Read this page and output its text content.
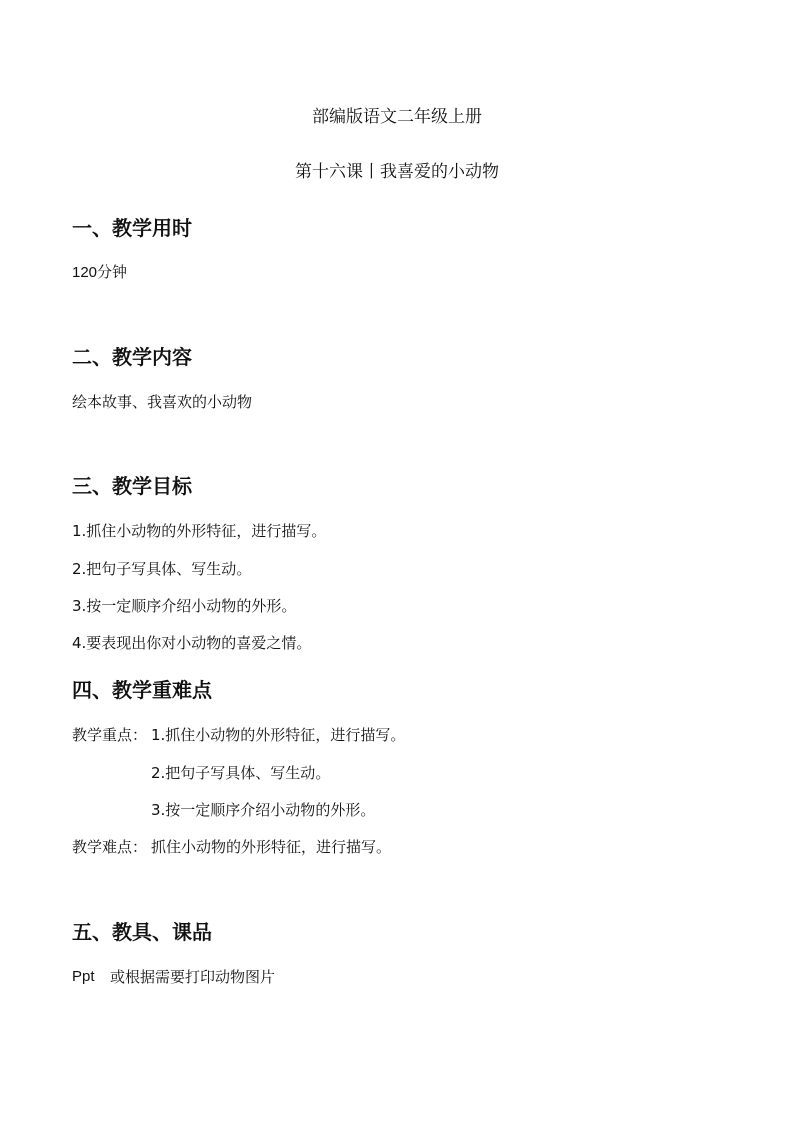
部编版语文二年级上册

第十六课丨我喜爱的小动物

一、教学用时

120分钟

二、教学内容

绘本故事、我喜欢的小动物

三、教学目标

1.抓住小动物的外形特征，进行描写。

2.把句子写具体、写生动。

3.按一定顺序介绍小动物的外形。

4.要表现出你对小动物的喜爱之情。

四、教学重难点

教学重点： 1.抓住小动物的外形特征，进行描写。

2.把句子写具体、写生动。

3.按一定顺序介绍小动物的外形。

教学难点： 抓住小动物的外形特征，进行描写。

五、教具、课品

Ppt 或根据需要打印动物图片
